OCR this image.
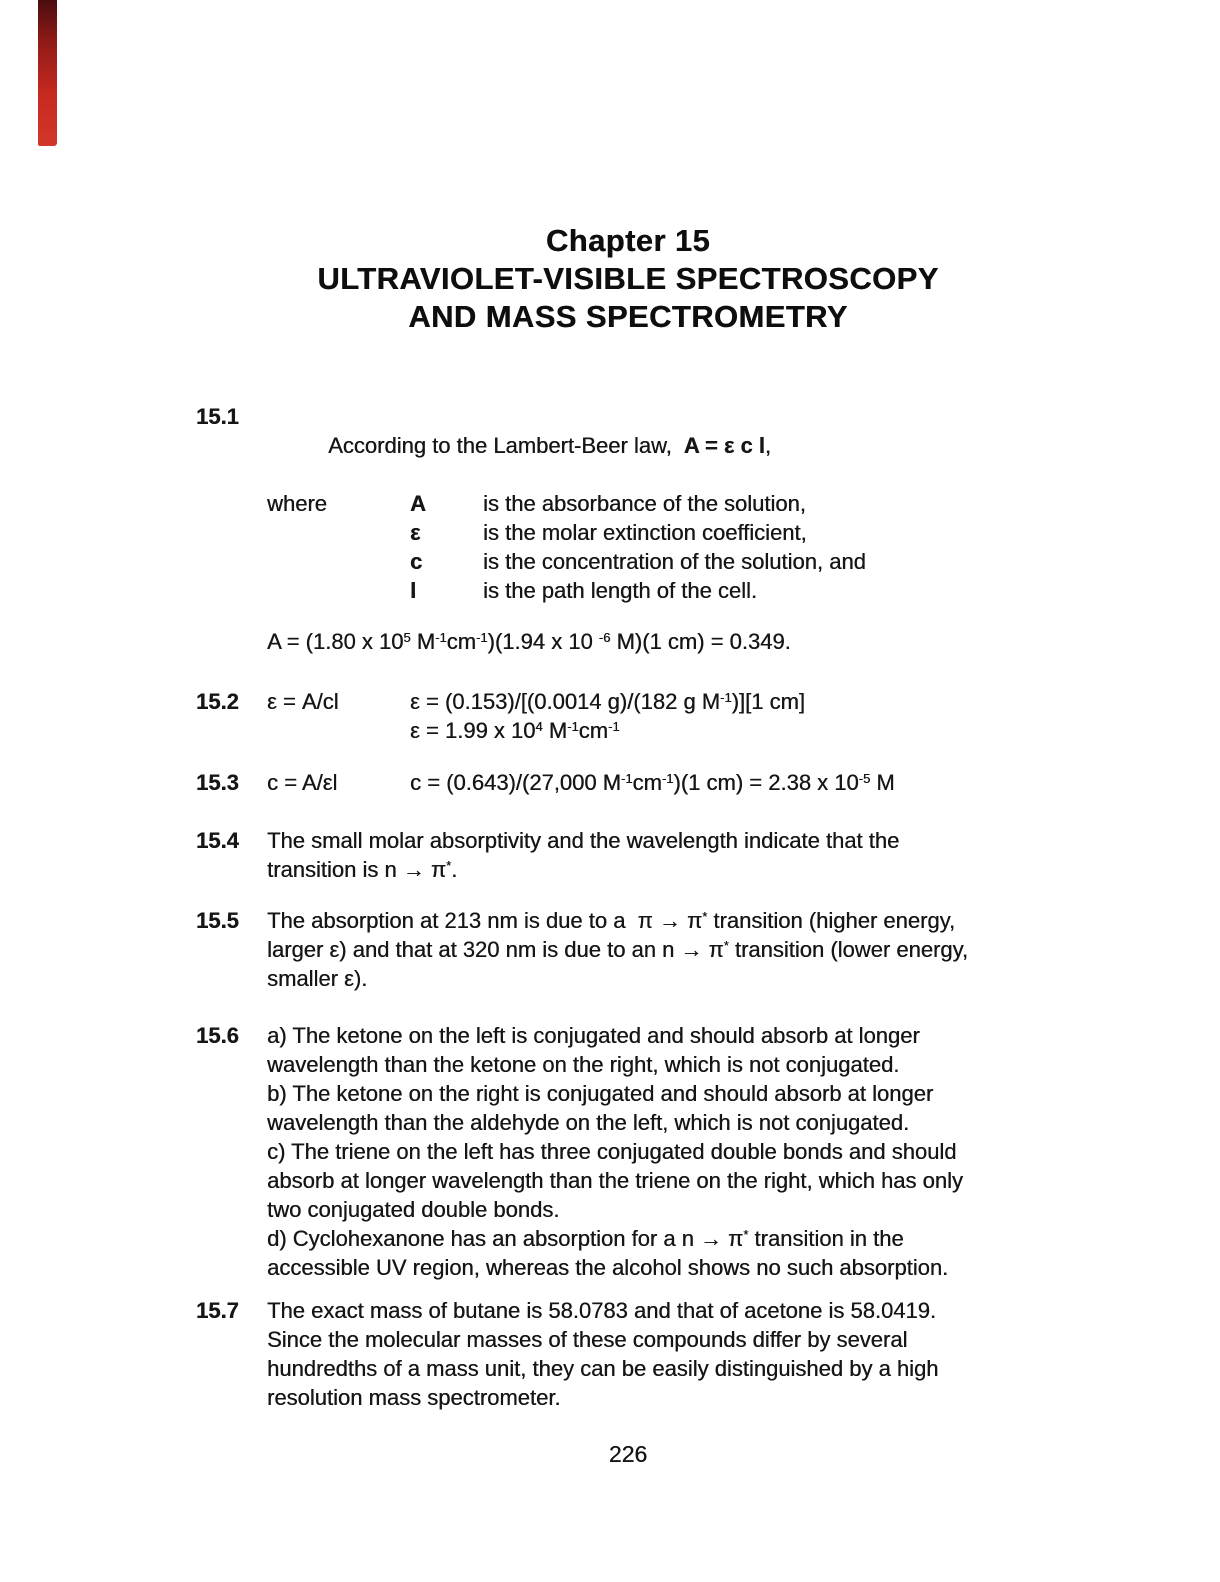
Chapter 15
ULTRAVIOLET-VISIBLE SPECTROSCOPY
AND MASS SPECTROMETRY
15.1

According to the Lambert-Beer law, A = ε c l,

where	A	is the absorbance of the solution,
ε	is the molar extinction coefficient,
c	is the concentration of the solution, and
l	is the path length of the cell.
A = (1.80 x $10^5$ $M^{-1}cm^{-1})(1.94$ x 10 $^{-6}$ M)(1 cm) = 0.349.
15.2	ε = A/cl	ε = (0.153)/[(0.0014 g)/(182 g $M^{-1})][1$ cm]
ε = 1.99 x $10^4$ $M^{-1}cm^{-1}$
15.3	c = A/εl	c = (0.643)/(27,000 $M^{-1}cm^{-1})(1$ cm) = 2.38 x $10^{-5}$ M
15.4	The small molar absorptivity and the wavelength indicate that the
transition is n → π*.
15.5	The absorption at 213 nm is due to a  π → π* transition (higher energy,
larger ε) and that at 320 nm is due to an n → π* transition (lower energy,
smaller ε).
15.6	a) The ketone on the left is conjugated and should absorb at longer
wavelength than the ketone on the right, which is not conjugated.
b) The ketone on the right is conjugated and should absorb at longer
wavelength than the aldehyde on the left, which is not conjugated.
c) The triene on the left has three conjugated double bonds and should
absorb at longer wavelength than the triene on the right, which has only
two conjugated double bonds.
d) Cyclohexanone has an absorption for a n → π* transition in the
accessible UV region, whereas the alcohol shows no such absorption.
15.7	The exact mass of butane is 58.0783 and that of acetone is 58.0419.
Since the molecular masses of these compounds differ by several
hundredths of a mass unit, they can be easily distinguished by a high
resolution mass spectrometer.
226
